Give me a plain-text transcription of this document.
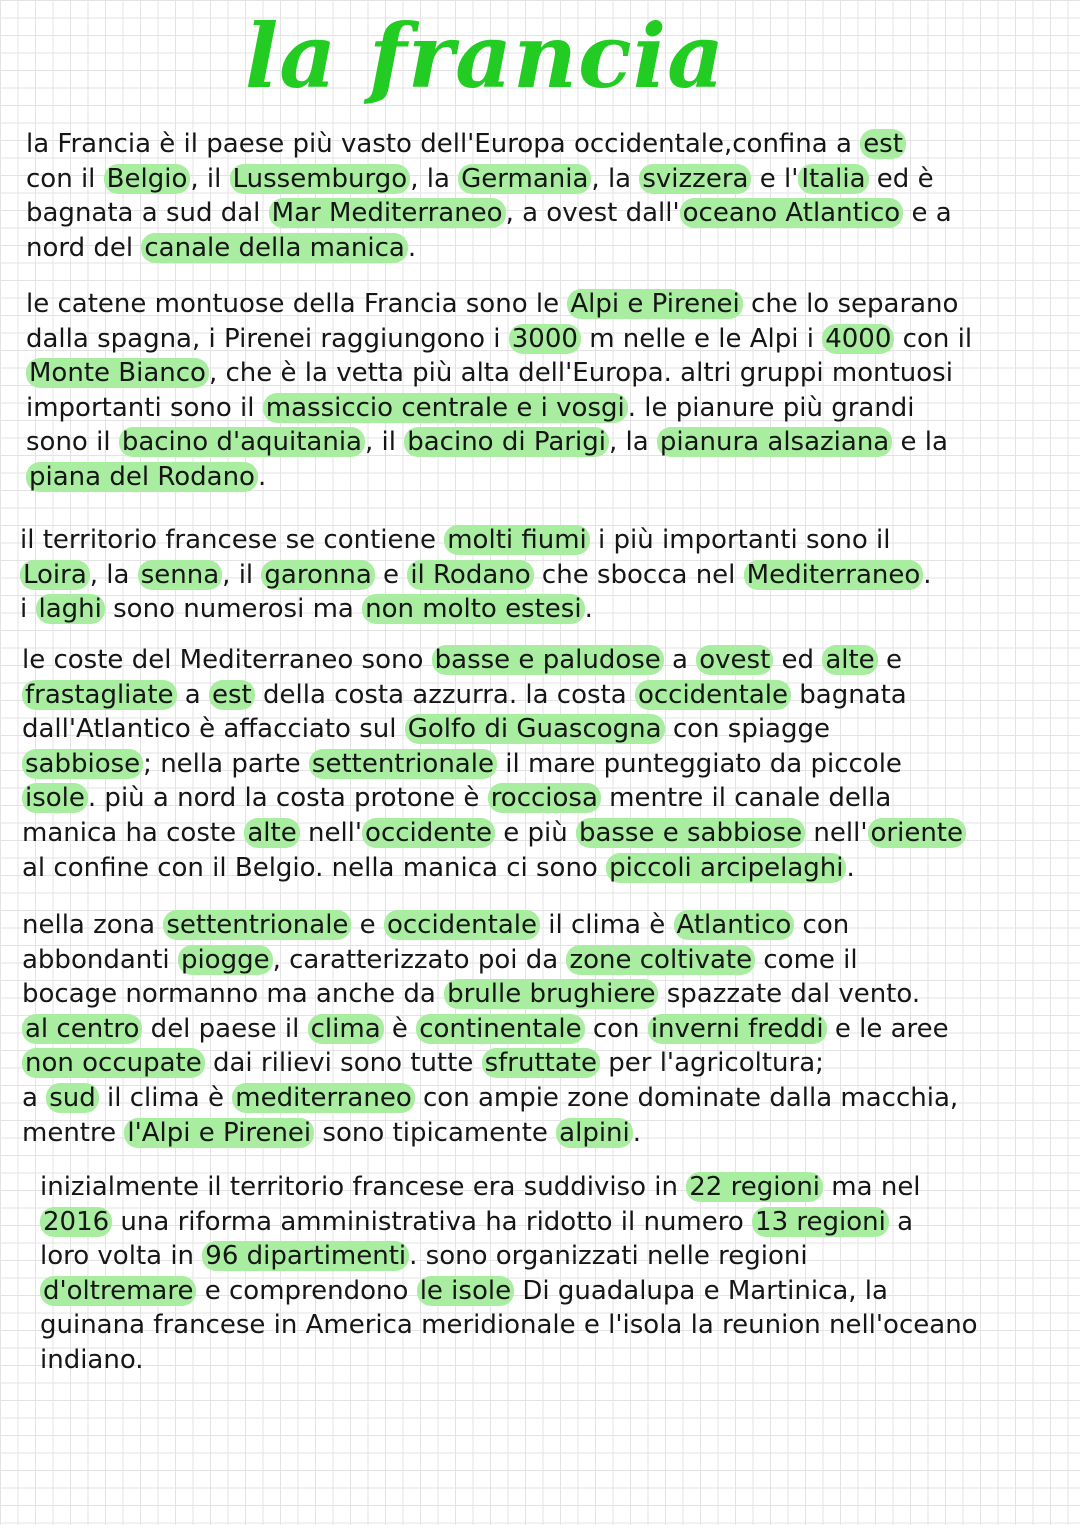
la francia
la Francia è il paese più vasto dell'Europa occidentale,confina a est
con il Belgio , il Lussemburgo , la Germania , la svizzera e l' Italia ed è
bagnata a sud dal Mar Mediterraneo , a ovest dall' oceano Atlantico e a
nord del canale della manica .
le catene montuose della Francia sono le Alpi e Pirenei che lo separano
dalla spagna, i Pirenei raggiungono i 3000 m nelle e le Alpi i 4000 con il
Monte Bianco , che è la vetta più alta dell'Europa. altri gruppi montuosi
importanti sono il massiccio centrale e i vosgi . le pianure più grandi
sono il bacino d'aquitania , il bacino di Parigi , la pianura alsaziana e la
piana del Rodano .
il territorio francese se contiene molti fiumi i più importanti sono il
Loira , la senna , il garonna e il Rodano che sbocca nel Mediterraneo .
i laghi sono numerosi ma non molto estesi .
le coste del Mediterraneo sono basse e paludose a ovest ed alte e
frastagliate a est della costa azzurra. la costa occidentale bagnata
dall'Atlantico è affacciato sul Golfo di Guascogna con spiagge
sabbiose ; nella parte settentrionale il mare punteggiato da piccole
isole . più a nord la costa protone è rocciosa mentre il canale della
manica ha coste alte nell' occidente e più basse e sabbiose nell' oriente
al confine con il Belgio. nella manica ci sono piccoli arcipelaghi .
nella zona settentrionale e occidentale il clima è Atlantico con
abbondanti piogge , caratterizzato poi da zone coltivate come il
bocage normanno ma anche da brulle brughiere spazzate dal vento.
al centro del paese il clima è continentale con inverni freddi e le aree
non occupate dai rilievi sono tutte sfruttate per l'agricoltura;
a sud il clima è mediterraneo con ampie zone dominate dalla macchia,
mentre l'Alpi e Pirenei sono tipicamente alpini .
inizialmente il territorio francese era suddiviso in 22 regioni ma nel
2016 una riforma amministrativa ha ridotto il numero 13 regioni a
loro volta in 96 dipartimenti . sono organizzati nelle regioni
d'oltremare e comprendono le isole Di guadalupa e Martinica, la
guinana francese in America meridionale e l'isola la reunion nell'oceano
indiano.
